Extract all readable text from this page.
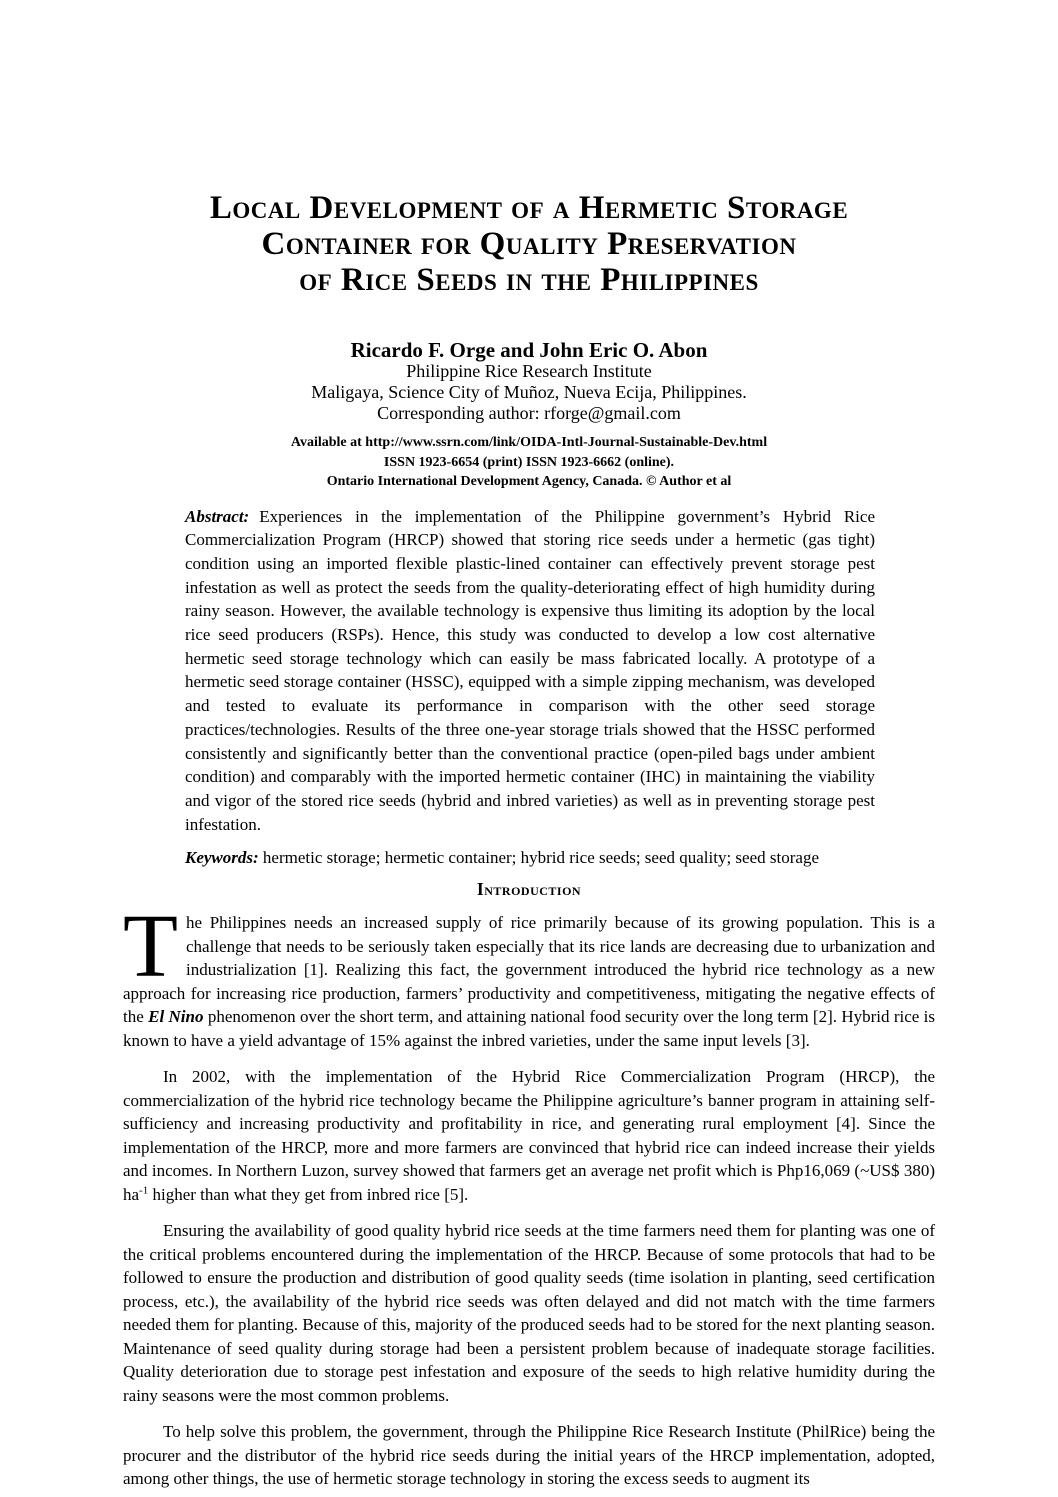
Local Development of a Hermetic Storage
Container for Quality Preservation
of Rice Seeds in the Philippines
Ricardo F. Orge and John Eric O. Abon
Philippine Rice Research Institute
Maligaya, Science City of Muñoz, Nueva Ecija, Philippines.
Corresponding author: rforge@gmail.com
Available at http://www.ssrn.com/link/OIDA-Intl-Journal-Sustainable-Dev.html
ISSN 1923-6654 (print) ISSN 1923-6662 (online).
Ontario International Development Agency, Canada. © Author et al
Abstract: Experiences in the implementation of the Philippine government’s Hybrid Rice Commercialization Program (HRCP) showed that storing rice seeds under a hermetic (gas tight) condition using an imported flexible plastic-lined container can effectively prevent storage pest infestation as well as protect the seeds from the quality-deteriorating effect of high humidity during rainy season. However, the available technology is expensive thus limiting its adoption by the local rice seed producers (RSPs). Hence, this study was conducted to develop a low cost alternative hermetic seed storage technology which can easily be mass fabricated locally. A prototype of a hermetic seed storage container (HSSC), equipped with a simple zipping mechanism, was developed and tested to evaluate its performance in comparison with the other seed storage practices/technologies. Results of the three one-year storage trials showed that the HSSC performed consistently and significantly better than the conventional practice (open-piled bags under ambient condition) and comparably with the imported hermetic container (IHC) in maintaining the viability and vigor of the stored rice seeds (hybrid and inbred varieties) as well as in preventing storage pest infestation.
Keywords: hermetic storage; hermetic container; hybrid rice seeds; seed quality; seed storage
Introduction

The Philippines needs an increased supply of rice primarily because of its growing population. This is a challenge that needs to be seriously taken especially that its rice lands are decreasing due to urbanization and industrialization [1]. Realizing this fact, the government introduced the hybrid rice technology as a new approach for increasing rice production, farmers’ productivity and competitiveness, mitigating the negative effects of the El Nino phenomenon over the short term, and attaining national food security over the long term [2]. Hybrid rice is known to have a yield advantage of 15% against the inbred varieties, under the same input levels [3].

In 2002, with the implementation of the Hybrid Rice Commercialization Program (HRCP), the commercialization of the hybrid rice technology became the Philippine agriculture’s banner program in attaining self-sufficiency and increasing productivity and profitability in rice, and generating rural employment [4]. Since the implementation of the HRCP, more and more farmers are convinced that hybrid rice can indeed increase their yields and incomes. In Northern Luzon, survey showed that farmers get an average net profit which is Php16,069 (~US$ 380) $ha^{-1}$ higher than what they get from inbred rice [5].

Ensuring the availability of good quality hybrid rice seeds at the time farmers need them for planting was one of the critical problems encountered during the implementation of the HRCP. Because of some protocols that had to be followed to ensure the production and distribution of good quality seeds (time isolation in planting, seed certification process, etc.), the availability of the hybrid rice seeds was often delayed and did not match with the time farmers needed them for planting. Because of this, majority of the produced seeds had to be stored for the next planting season. Maintenance of seed quality during storage had been a persistent problem because of inadequate storage facilities. Quality deterioration due to storage pest infestation and exposure of the seeds to high relative humidity during the rainy seasons were the most common problems.

To help solve this problem, the government, through the Philippine Rice Research Institute (PhilRice) being the procurer and the distributor of the hybrid rice seeds during the initial years of the HRCP implementation, adopted, among other things, the use of hermetic storage technology in storing the excess seeds to augment its
